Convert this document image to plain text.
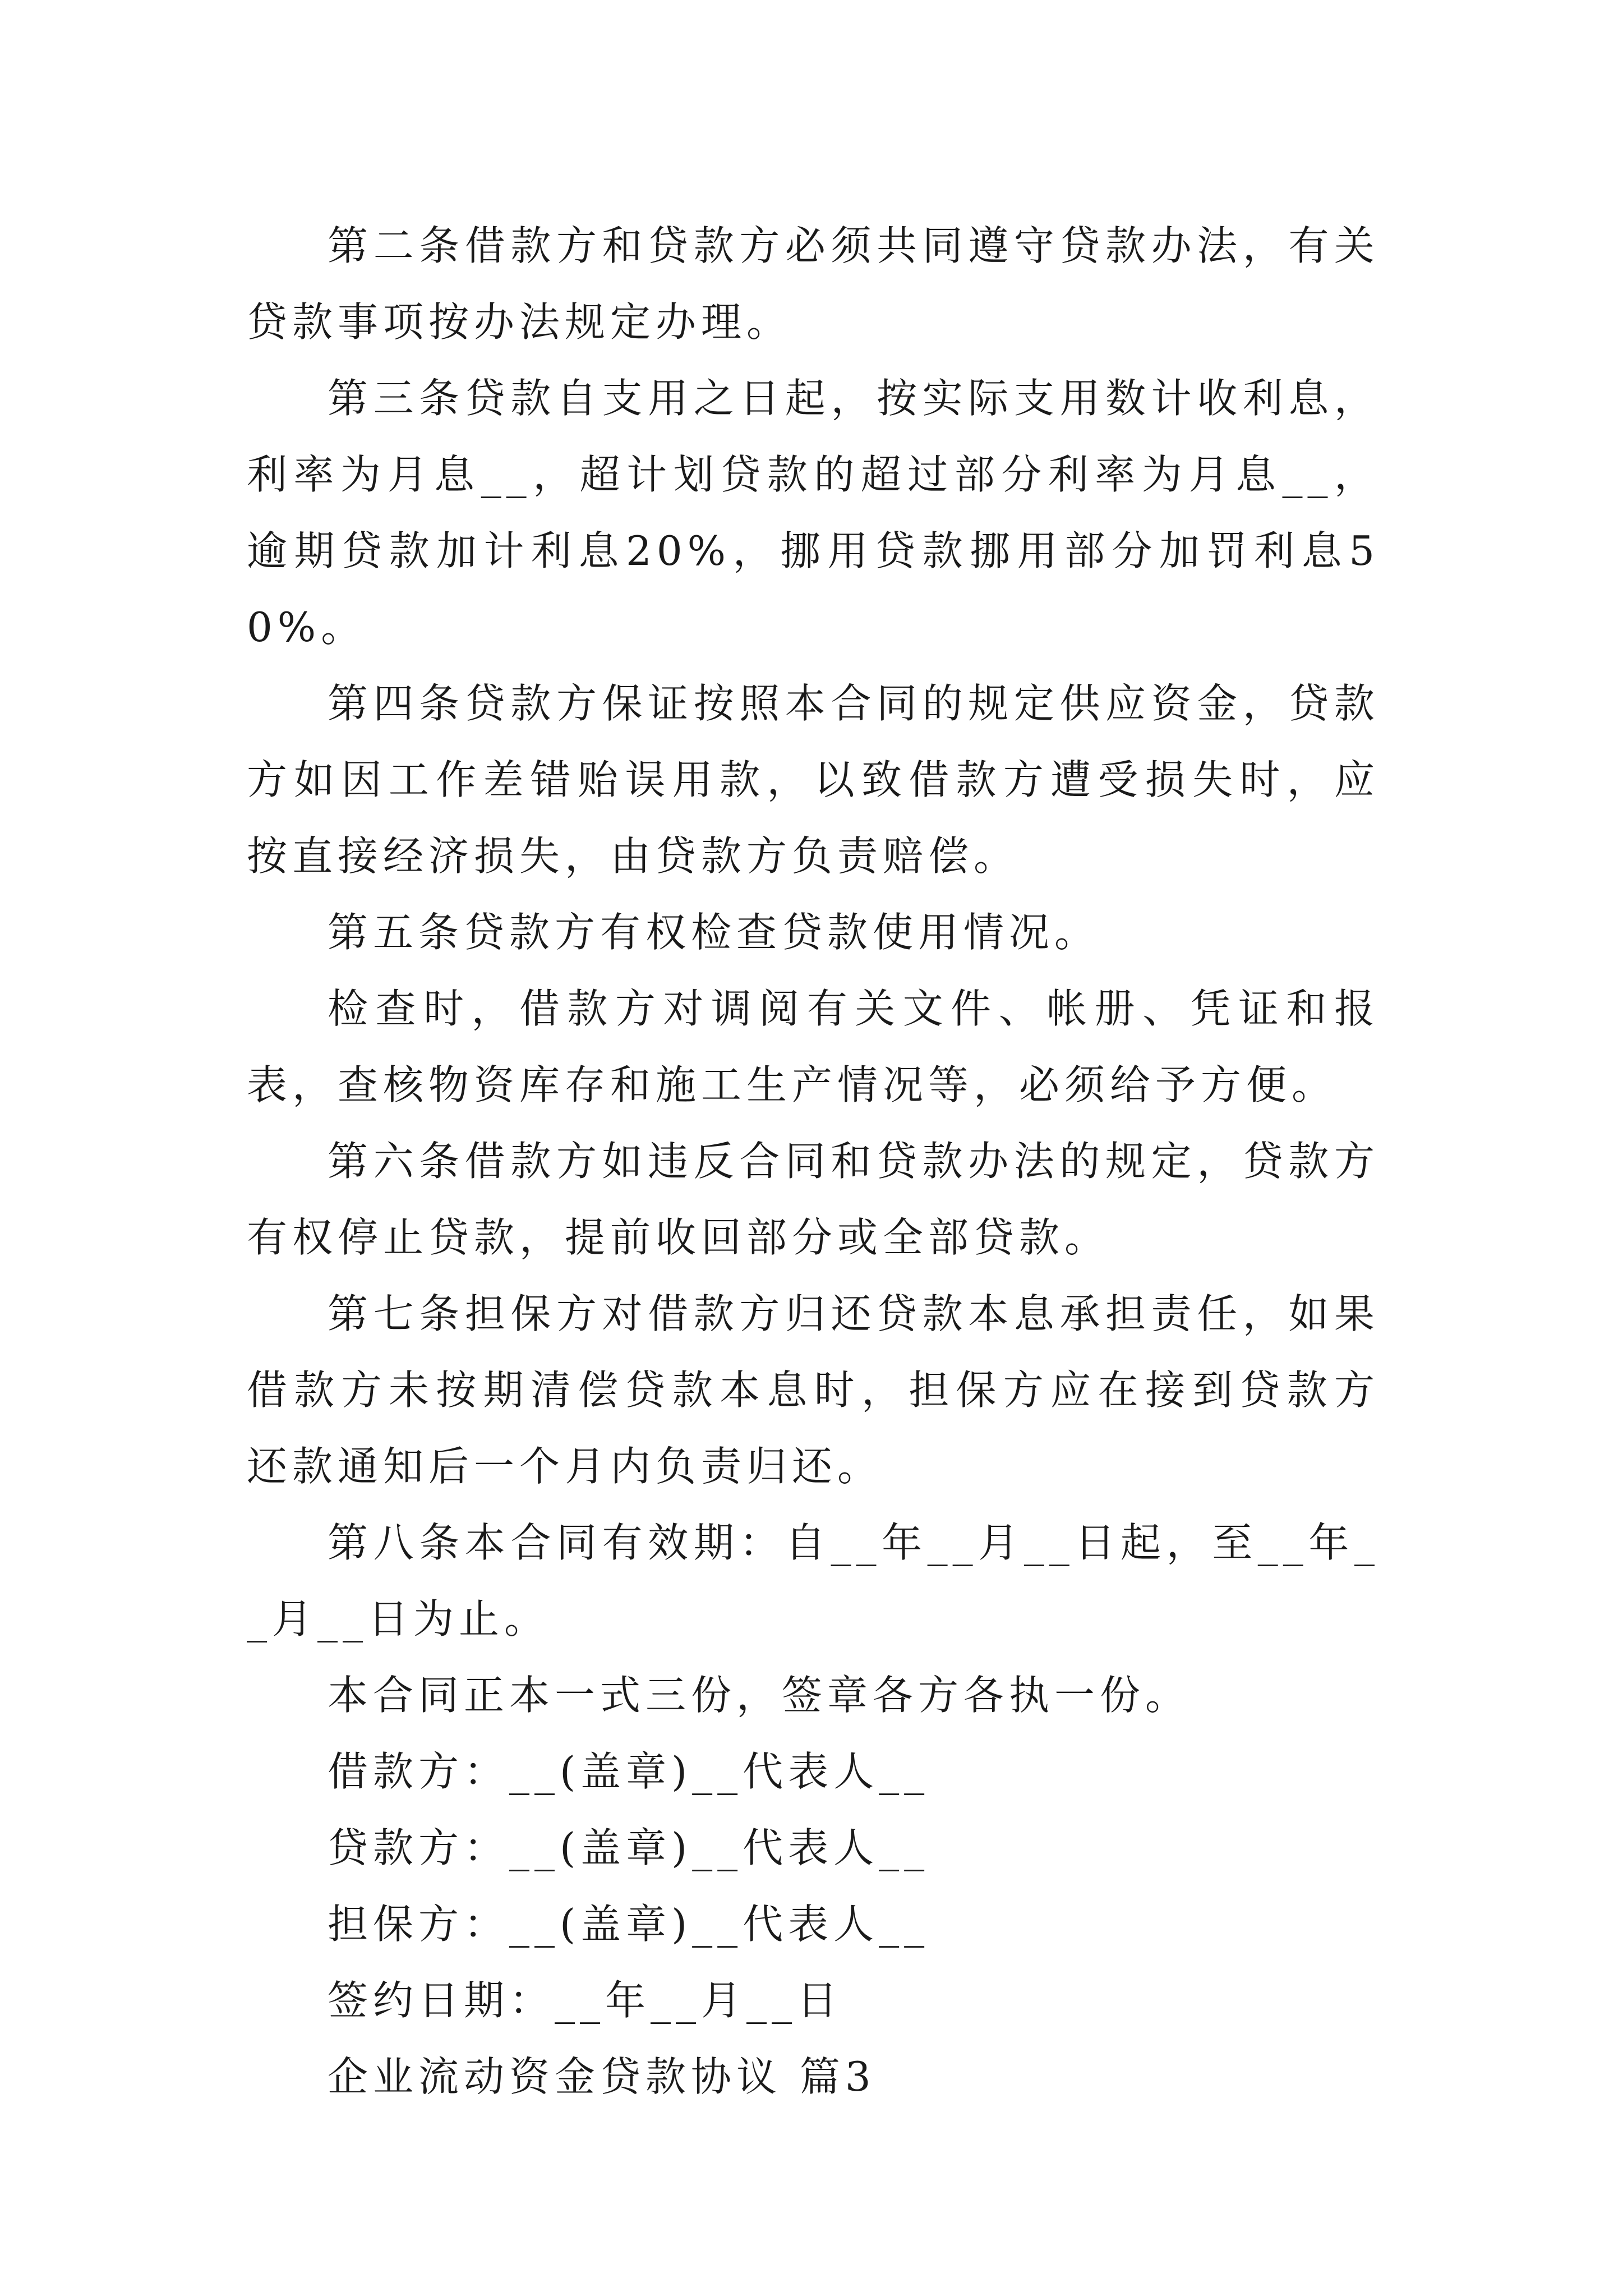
第二条借款方和贷款方必须共同遵守贷款办法，有关贷款事项按办法规定办理。

第三条贷款自支用之日起，按实际支用数计收利息，利率为月息__，超计划贷款的超过部分利率为月息__，逾期贷款加计利息20%，挪用贷款挪用部分加罚利息50%。

第四条贷款方保证按照本合同的规定供应资金，贷款方如因工作差错贻误用款，以致借款方遭受损失时，应按直接经济损失，由贷款方负责赔偿。

第五条贷款方有权检查贷款使用情况。

检查时，借款方对调阅有关文件、帐册、凭证和报表，查核物资库存和施工生产情况等，必须给予方便。

第六条借款方如违反合同和贷款办法的规定，贷款方有权停止贷款，提前收回部分或全部贷款。

第七条担保方对借款方归还贷款本息承担责任，如果借款方未按期清偿贷款本息时，担保方应在接到贷款方还款通知后一个月内负责归还。

第八条本合同有效期：自__年__月__日起，至__年__月__日为止。

本合同正本一式三份，签章各方各执一份。

借款方：__(盖章)__代表人__

贷款方：__(盖章)__代表人__

担保方：__(盖章)__代表人__

签约日期：__年__月__日

企业流动资金贷款协议 篇3
